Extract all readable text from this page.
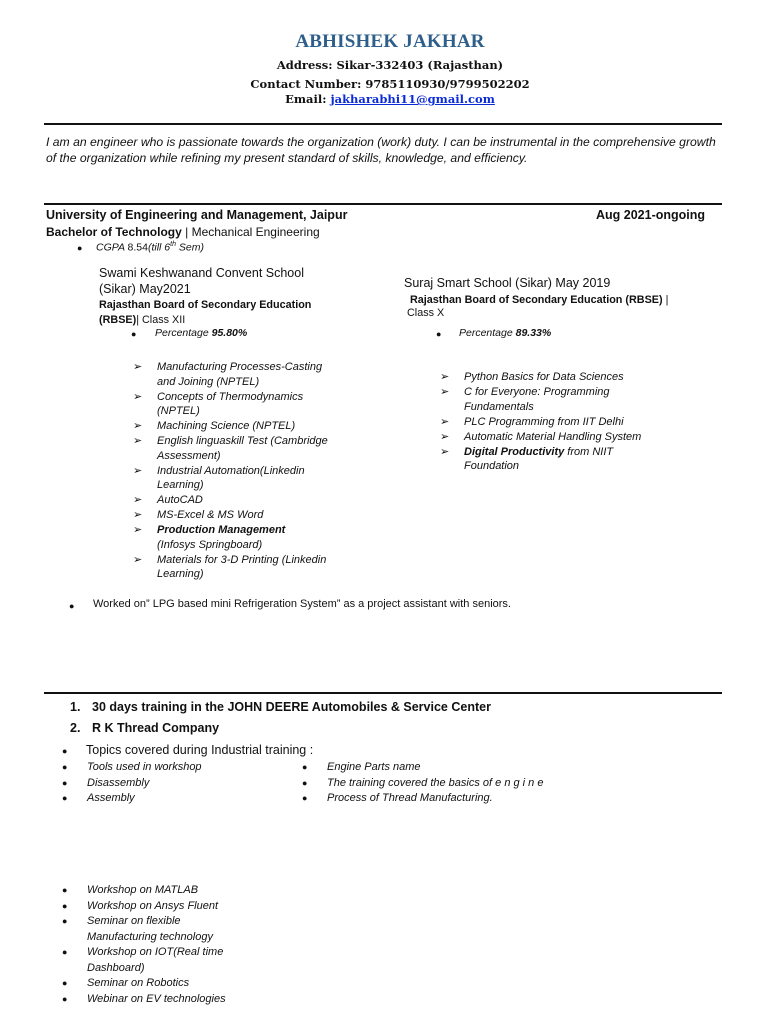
ABHISHEK JAKHAR
Address: Sikar-332403 (Rajasthan)
Contact Number: 9785110930/9799502202
Email: jakharabhi11@gmail.com
I am an engineer who is passionate towards the organization (work) duty. I can be instrumental in the comprehensive growth of the organization while refining my present standard of skills, knowledge, and efficiency.
University of Engineering and Management, Jaipur	Aug 2021-ongoing
Bachelor of Technology | Mechanical Engineering
● CGPA 8.54(till 6th Sem)
Swami Keshwanand Convent School
(Sikar) May2021
Rajasthan Board of Secondary Education
(RBSE)| Class XII
● Percentage 95.80%
Suraj Smart School (Sikar) May 2019
Rajasthan Board of Secondary Education (RBSE) |
Class X
● Percentage 89.33%
➢ Manufacturing Processes-Casting
and Joining (NPTEL)
➢ Concepts of Thermodynamics
(NPTEL)
➢ Machining Science (NPTEL)
➢ English linguaskill Test (Cambridge
Assessment)
➢ Industrial Automation(Linkedin
Learning)
➢ AutoCAD
➢ MS-Excel & MS Word
➢ Production Management
(Infosys Springboard)
➢ Materials for 3-D Printing (Linkedin
Learning)
➢ Python Basics for Data Sciences
➢ C for Everyone: Programming
Fundamentals
➢ PLC Programming from IIT Delhi
➢ Automatic Material Handling System
➢ Digital Productivity from NIIT
Foundation
● Worked on” LPG based mini Refrigeration System” as a project assistant with seniors.
1. 30 days training in the JOHN DEERE Automobiles & Service Center
2. R K Thread Company
● Topics covered during Industrial training :
● Tools used in workshop
● Disassembly
● Assembly
● Engine Parts name
● The training covered the basics of e n g i n e
● Process of Thread Manufacturing.
● Workshop on MATLAB
● Workshop on Ansys Fluent
● Seminar on flexible
Manufacturing technology
● Workshop on IOT(Real time
Dashboard)
● Seminar on Robotics
● Webinar on EV technologies
